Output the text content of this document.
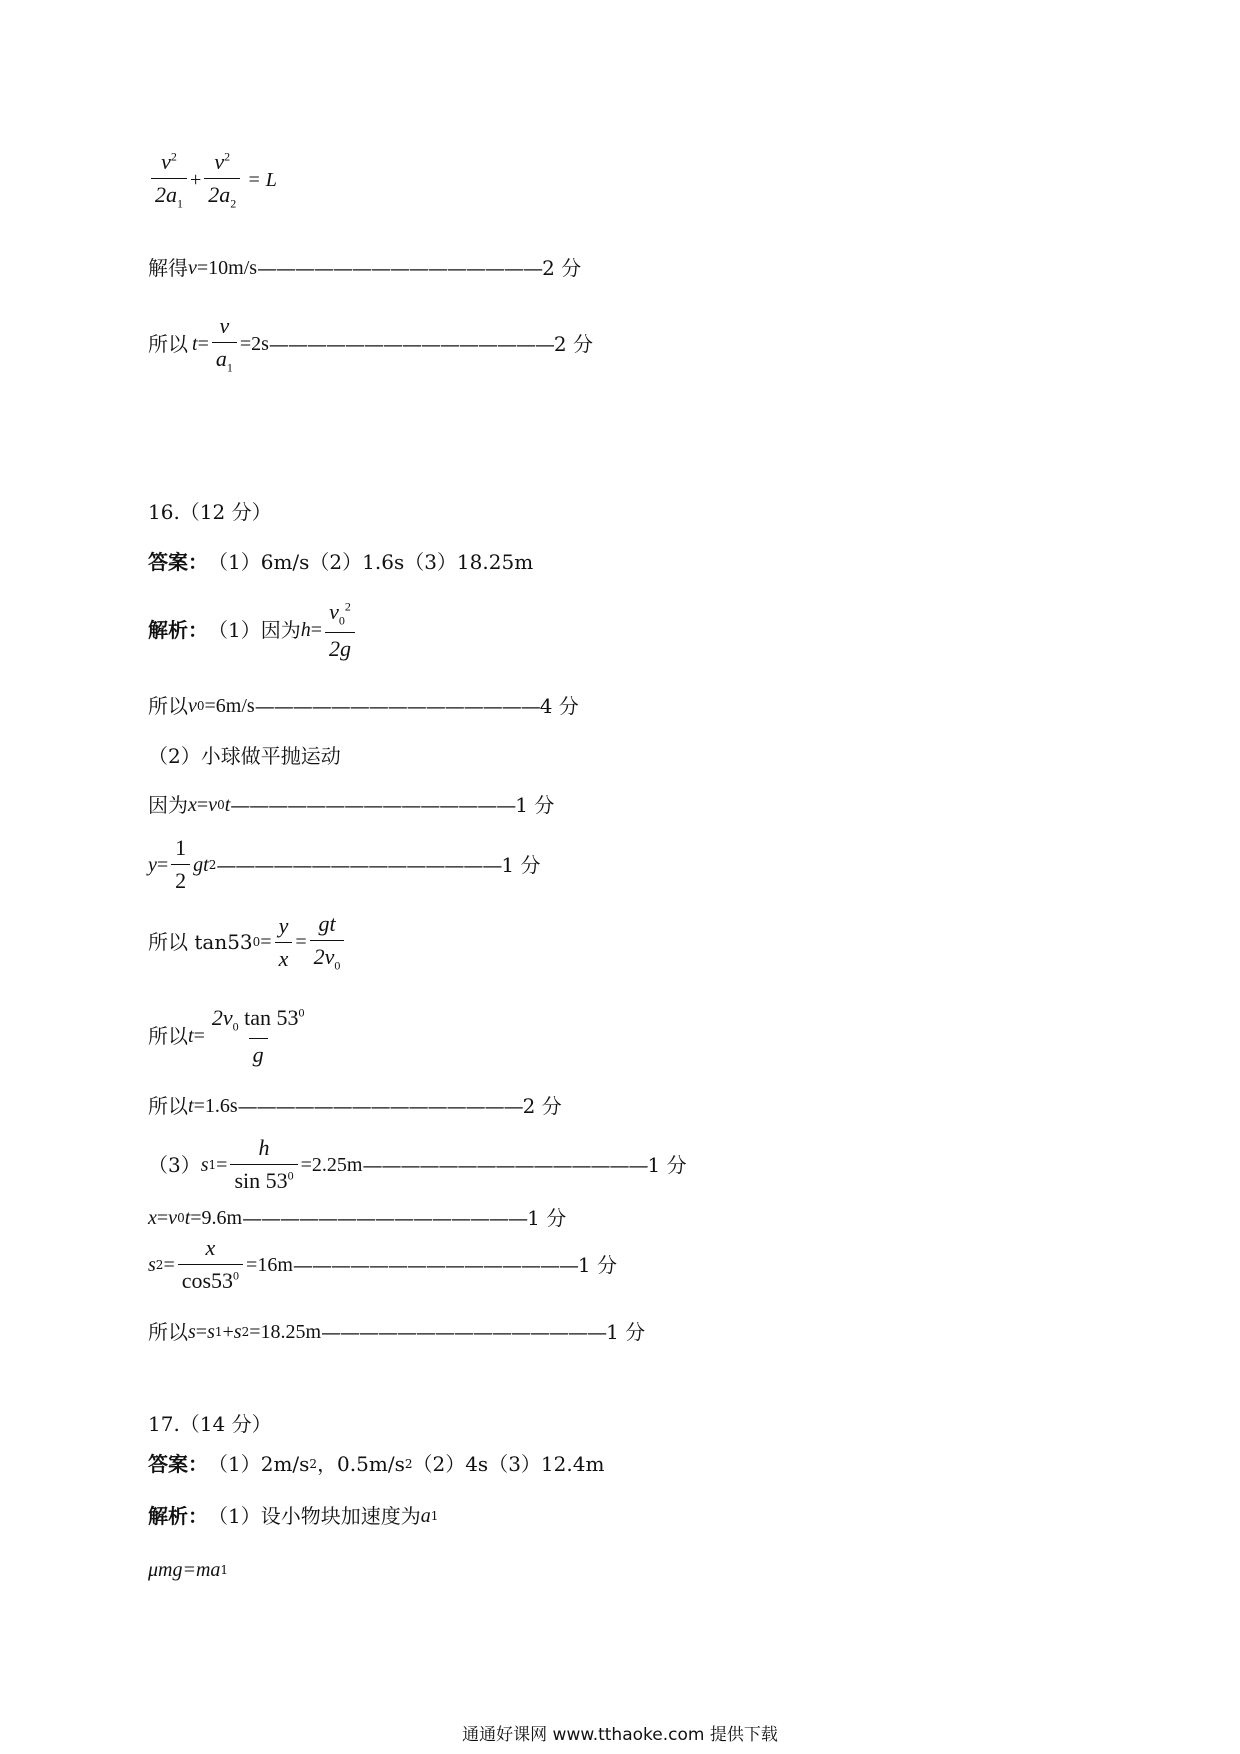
$\frac{v^2}{2a_1} + \frac{v^2}{2a_2} = L$
解得 v =10m/s ——————————————— 2 分
所以 $t = \frac{v}{a_1} =2s$ ——————————————— 2 分
16.（12 分）
答案： （1）6m/s（2）1.6s（3）18.25m
解析： （1）因为 $h = \frac{v_0^2}{2g}$
所以 v 0 =6m/s ——————————————— 4 分
（2）小球做平抛运动
因为 x = v 0 t ——————————————— 1 分
$y = \frac{1}{2}$ gt 2 ——————————————— 1 分
所以 tan53 $0 = \frac{y}{x} = \frac{gt}{2v_0}$
所以 $t = \frac{2v_0 \tan 53^0}{g}$
所以 t =1.6s ——————————————— 2 分
（3） s $1 = \frac{h}{\sin 53^0} =2.25m$ ——————————————— 1 分
x = v 0 t =9.6m ——————————————— 1 分
s $2 = \frac{x}{\cos 53^0} =16m$ ——————————————— 1 分
所以 s = s 1 + s 2 =18.25m ——————————————— 1 分
17.（14 分）
答案： （1）2m/s 2 ，0.5m/s 2 （2）4s（3）12.4m
解析： （1）设小物块加速度为 a 1
μmg=ma 1
通通好课网 www.tthaoke.com 提供下载
